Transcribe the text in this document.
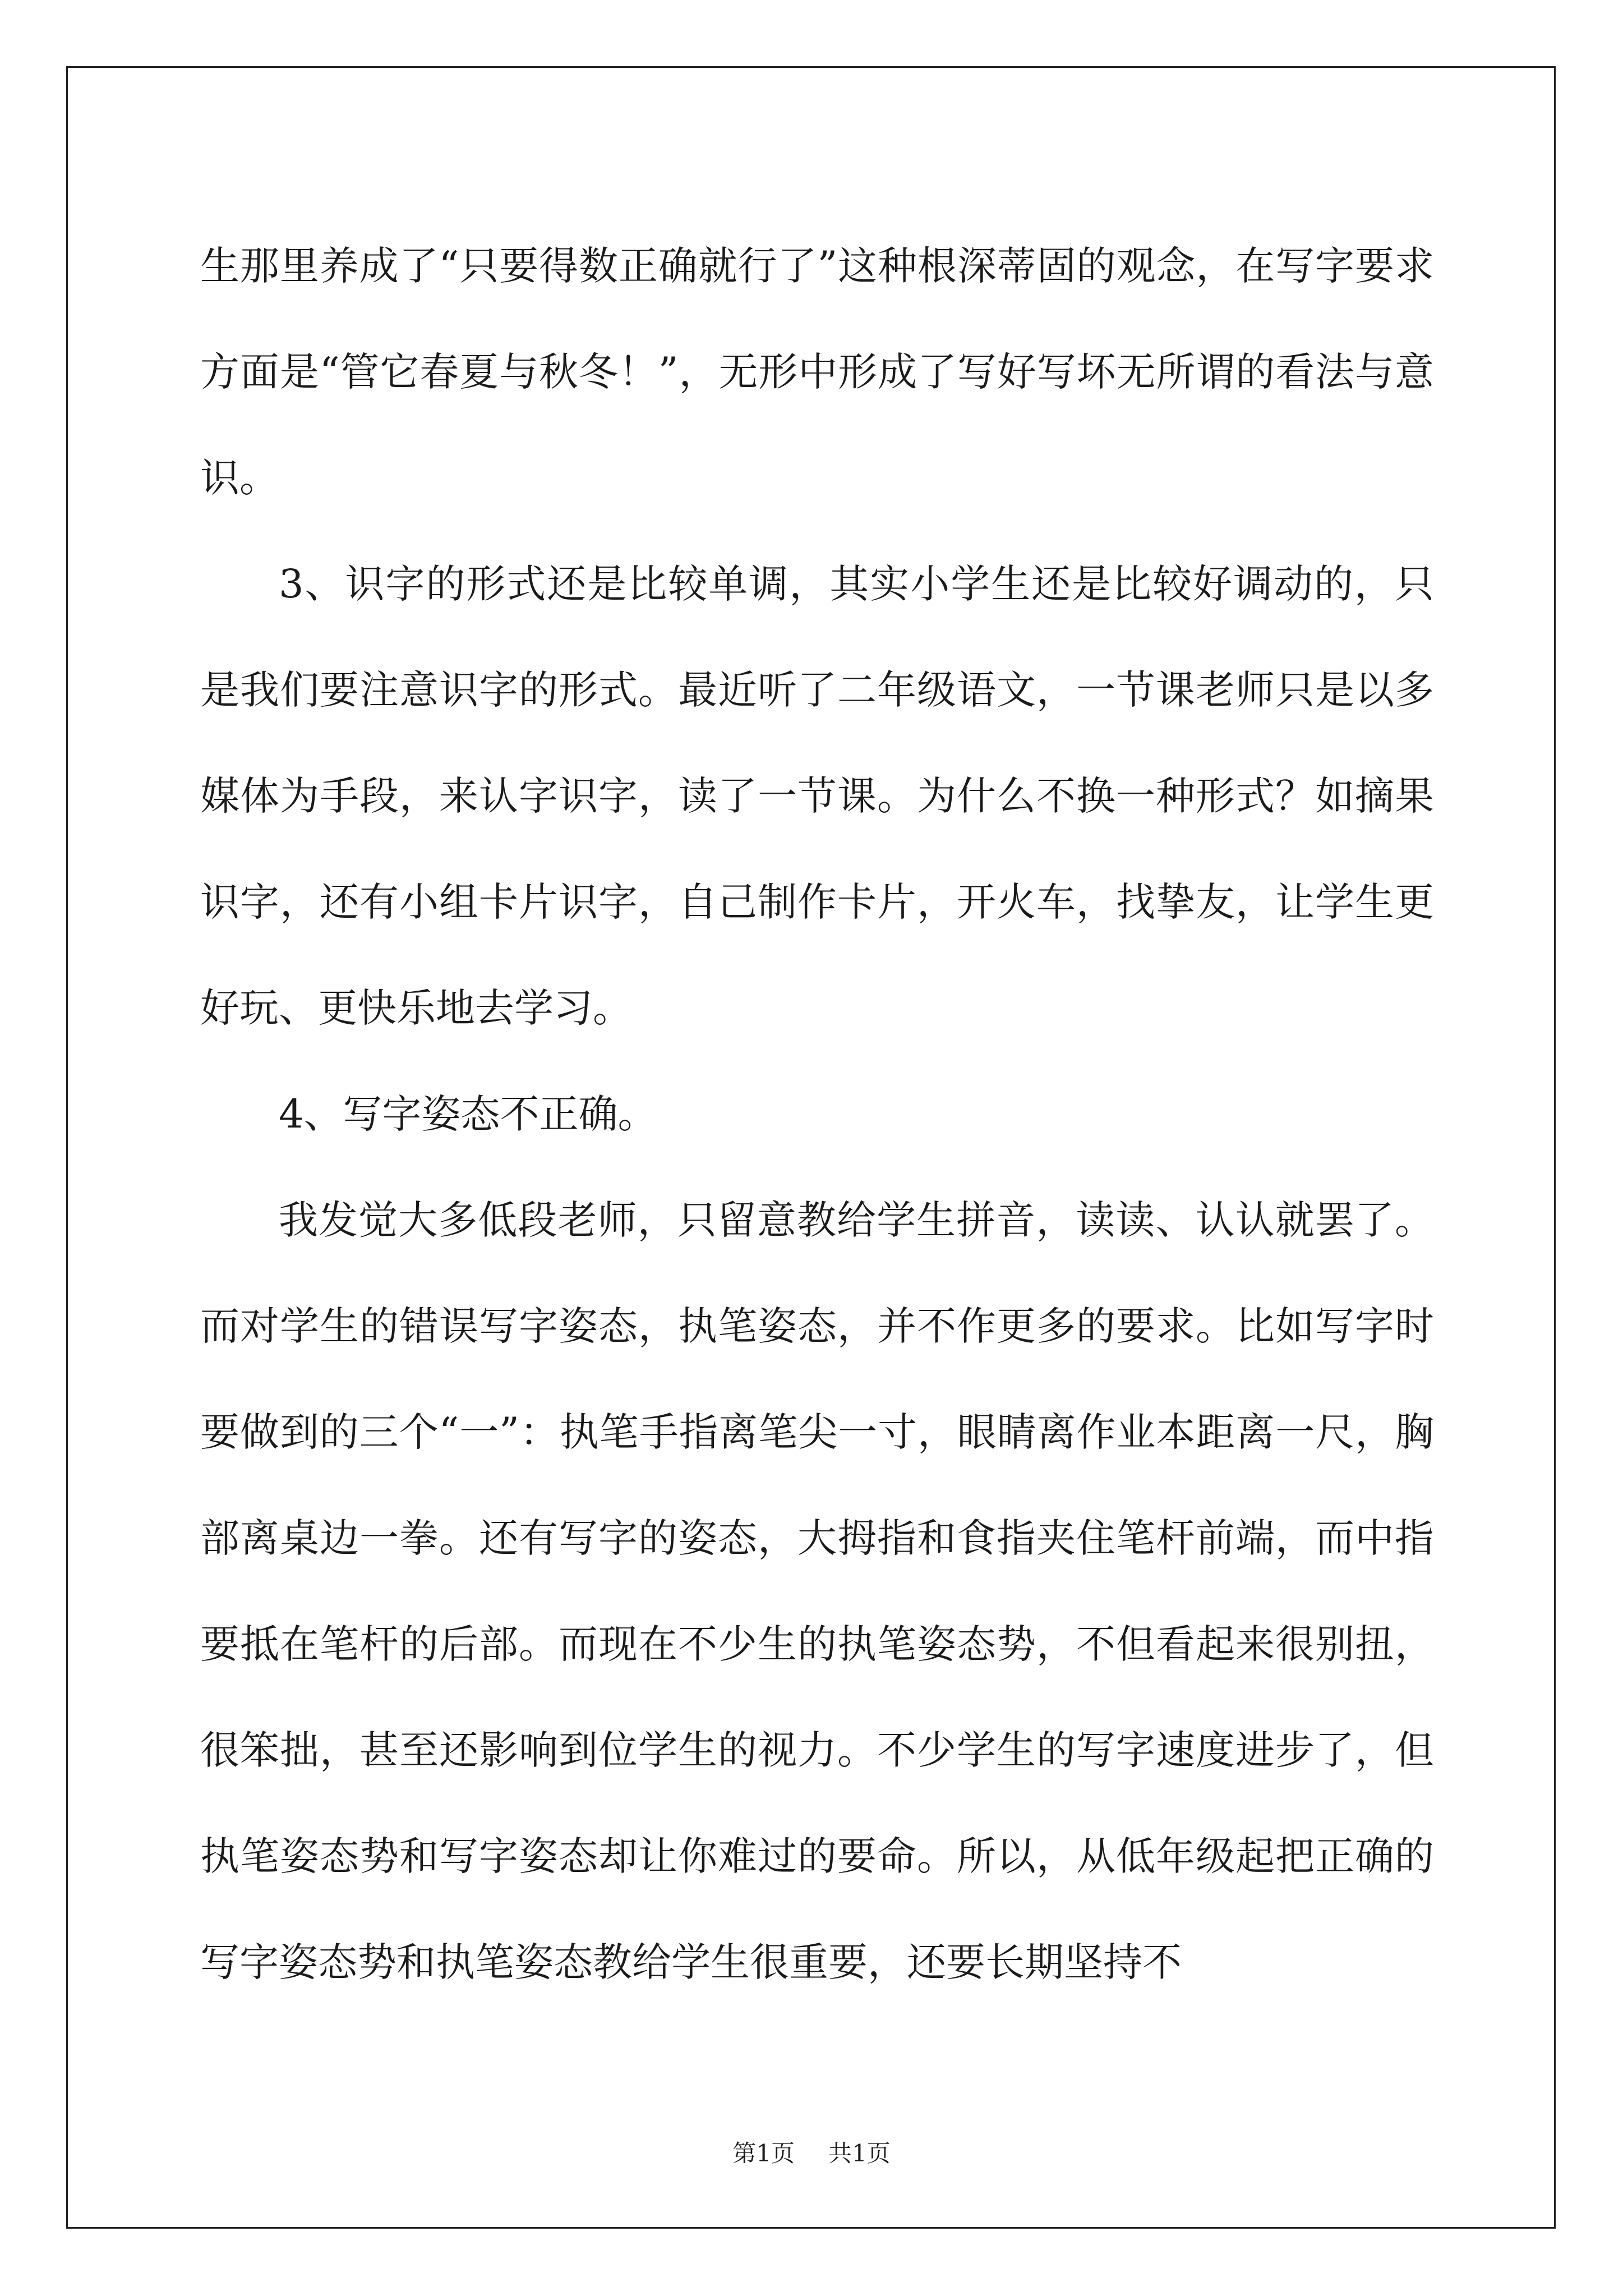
生那里养成了“只要得数正确就行了”这种根深蒂固的观念，在写字要求方面是“管它春夏与秋冬！”，无形中形成了写好写坏无所谓的看法与意识。

3、识字的形式还是比较单调，其实小学生还是比较好调动的，只是我们要注意识字的形式。最近听了二年级语文，一节课老师只是以多媒体为手段，来认字识字，读了一节课。为什么不换一种形式？如摘果识字，还有小组卡片识字，自己制作卡片，开火车，找挚友，让学生更好玩、更快乐地去学习。

4、写字姿态不正确。

我发觉大多低段老师，只留意教给学生拼音，读读、认认就罢了。而对学生的错误写字姿态，执笔姿态，并不作更多的要求。比如写字时要做到的三个“一”：执笔手指离笔尖一寸，眼睛离作业本距离一尺，胸部离桌边一拳。还有写字的姿态，大拇指和食指夹住笔杆前端，而中指要抵在笔杆的后部。而现在不少生的执笔姿态势，不但看起来很别扭，很笨拙，甚至还影响到位学生的视力。不少学生的写字速度进步了，但执笔姿态势和写字姿态却让你难过的要命。所以，从低年级起把正确的写字姿态势和执笔姿态教给学生很重要，还要长期坚持不

第1页 共1页
